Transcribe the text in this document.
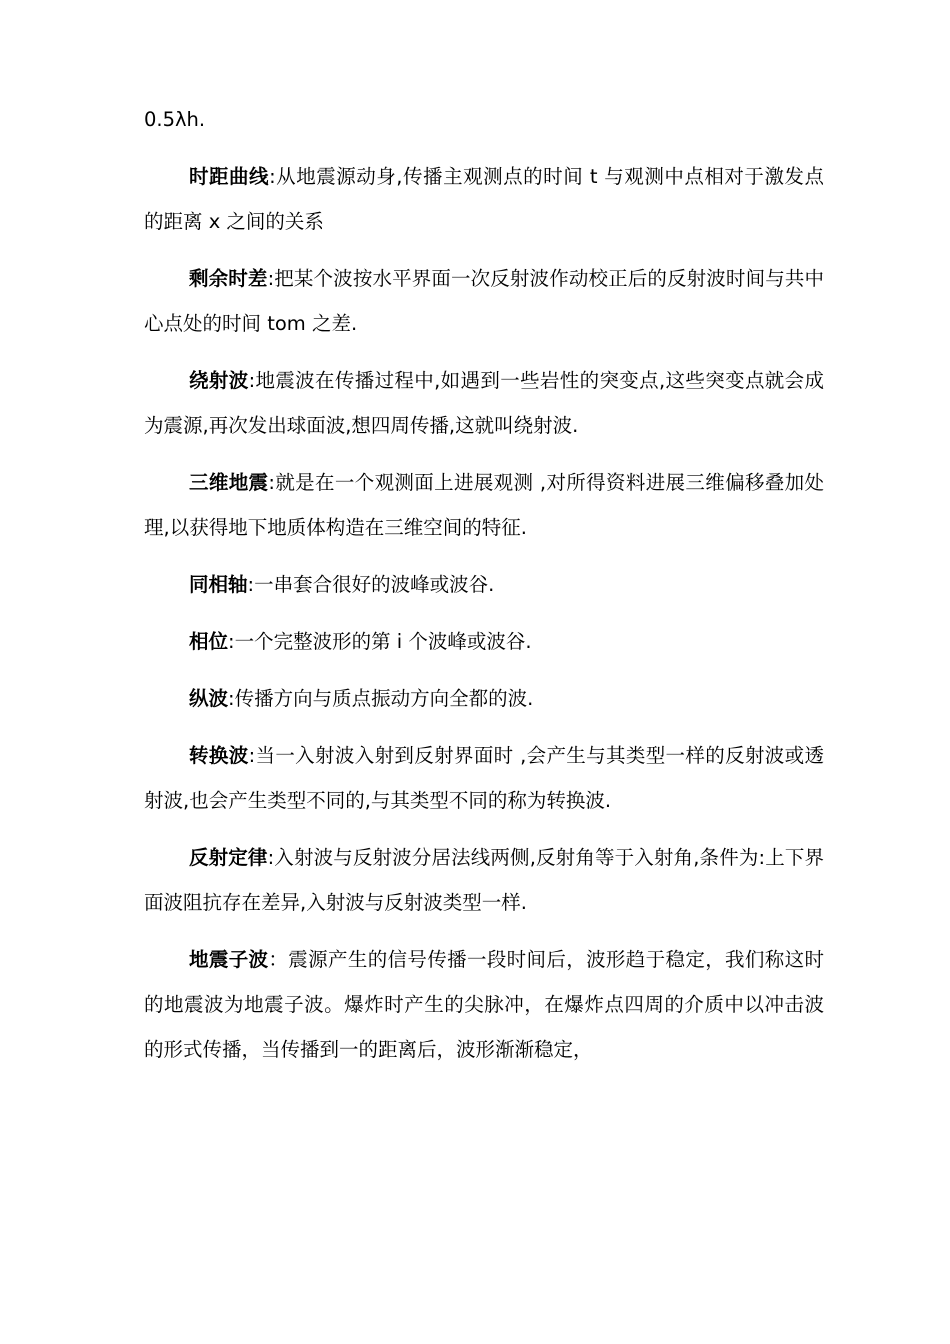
0.5λh.

时距曲线:从地震源动身,传播主观测点的时间 t 与观测中点相对于激发点的距离 x 之间的关系

剩余时差:把某个波按水平界面一次反射波作动校正后的反射波时间与共中心点处的时间 tom 之差.

绕射波:地震波在传播过程中,如遇到一些岩性的突变点,这些突变点就会成为震源,再次发出球面波,想四周传播,这就叫绕射波.

三维地震:就是在一个观测面上进展观测 ,对所得资料进展三维偏移叠加处理,以获得地下地质体构造在三维空间的特征.

同相轴:一串套合很好的波峰或波谷.

相位:一个完整波形的第 i 个波峰或波谷.

纵波:传播方向与质点振动方向全都的波.

转换波:当一入射波入射到反射界面时 ,会产生与其类型一样的反射波或透射波,也会产生类型不同的,与其类型不同的称为转换波.

反射定律:入射波与反射波分居法线两侧,反射角等于入射角,条件为:上下界面波阻抗存在差异,入射波与反射波类型一样.

地震子波：震源产生的信号传播一段时间后，波形趋于稳定，我们称这时的地震波为地震子波。爆炸时产生的尖脉冲，在爆炸点四周的介质中以冲击波的形式传播，当传播到一的距离后，波形渐渐稳定，
